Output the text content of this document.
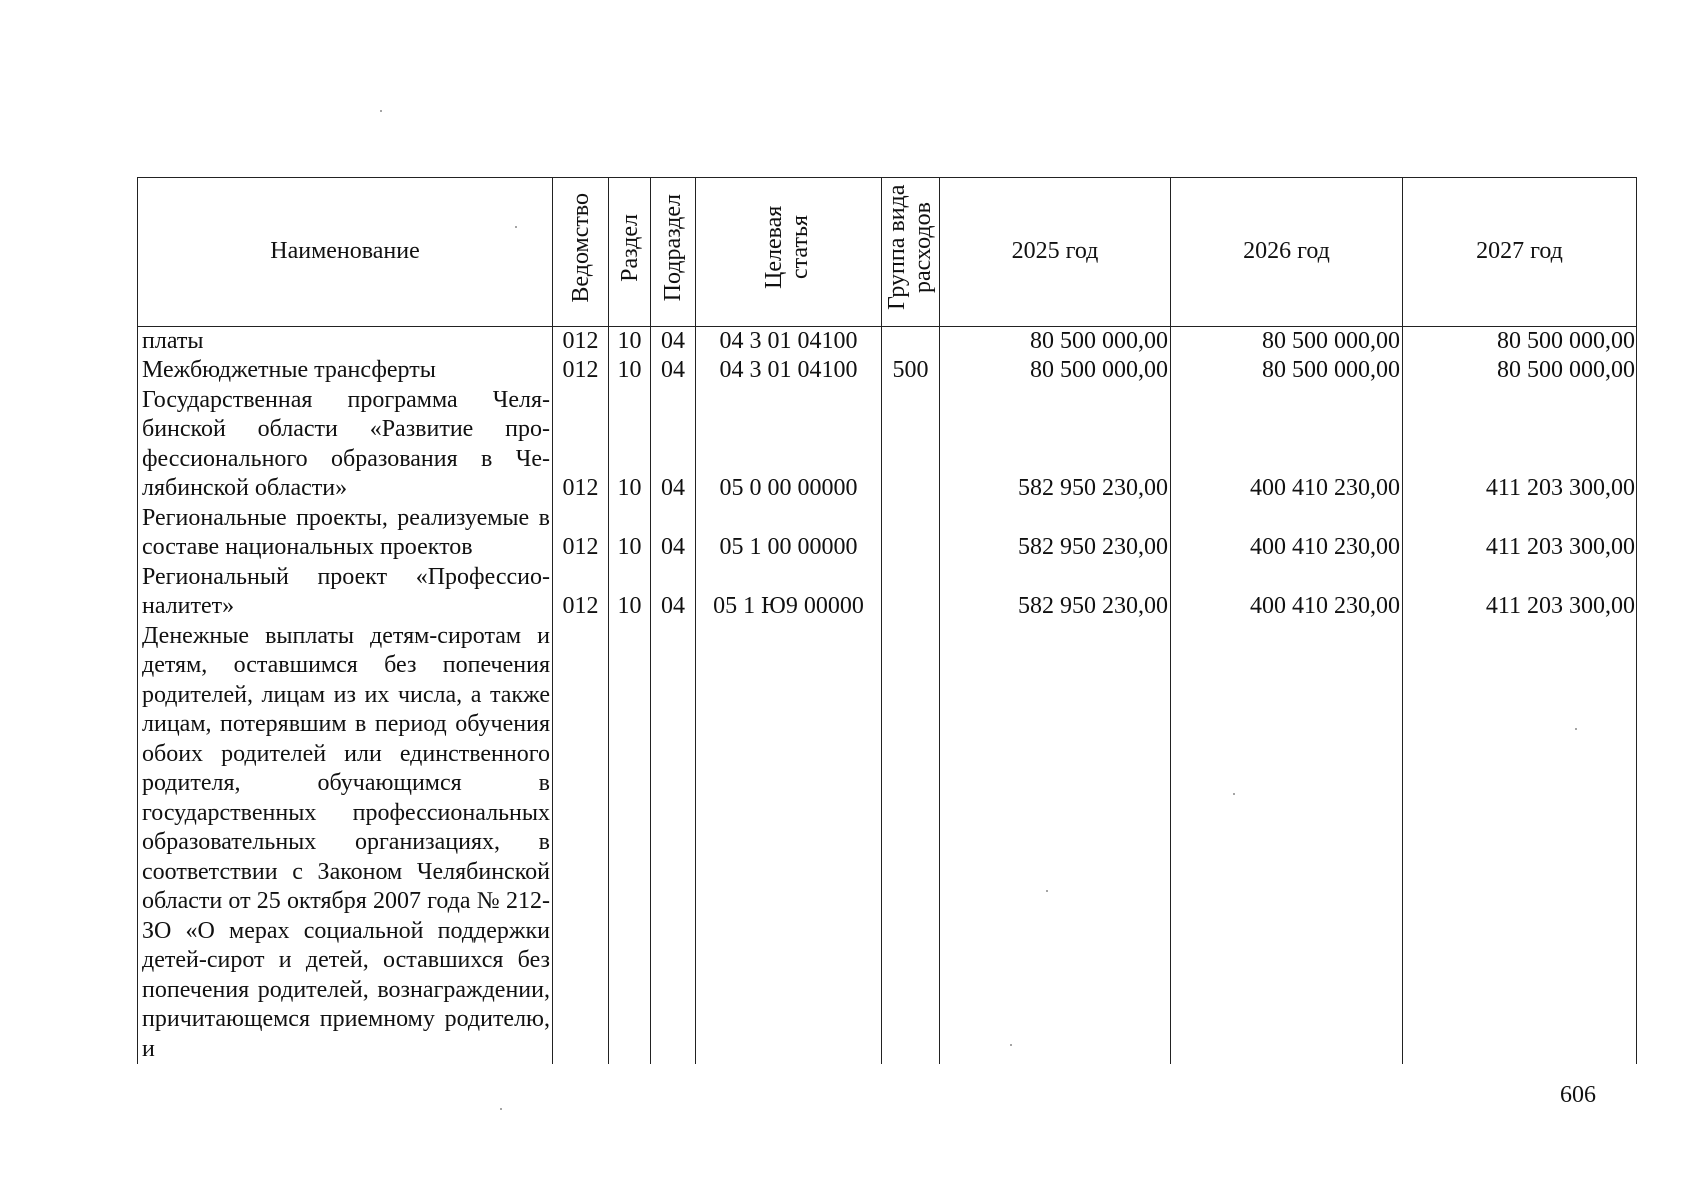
Наименование	Ведомство	Раздел	Подраздел	Целевая статья	Группа вида расходов	2025 год	2026 год	2027 год
платы	012	10	04	04 3 01 04100		80 500 000,00	80 500 000,00	80 500 000,00
Межбюджетные трансферты	012	10	04	04 3 01 04100	500	80 500 000,00	80 500 000,00	80 500 000,00
Государственная программа Челябинской области «Развитие профессионального образования в Челябинской области»	012	10	04	05 0 00 00000		582 950 230,00	400 410 230,00	411 203 300,00
Региональные проекты, реализуемые в составе национальных проектов	012	10	04	05 1 00 00000		582 950 230,00	400 410 230,00	411 203 300,00
Региональный проект «Профессионалитет»	012	10	04	05 1 Ю9 00000		582 950 230,00	400 410 230,00	411 203 300,00
Денежные выплаты детям-сиротам и детям, оставшимся без попечения родителей, лицам из их числа, а также лицам, потерявшим в период обучения обоих родителей или единственного родителя, обучающимся в государственных профессиональных образовательных организациях, в соответствии с Законом Челябинской области от 25 октября 2007 года № 212-ЗО «О мерах социальной поддержки детей-сирот и детей, оставшихся без попечения родителей, вознаграждении, причитающемся приемному родителю, и								
606
